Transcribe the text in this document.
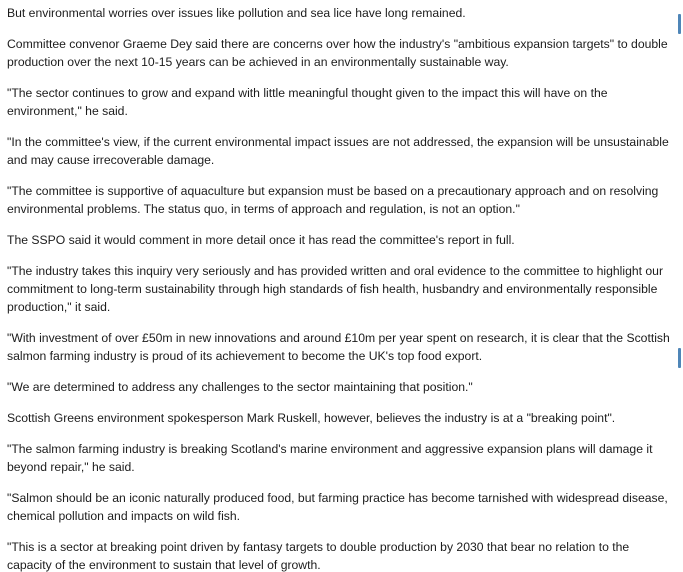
But environmental worries over issues like pollution and sea lice have long remained.

Committee convenor Graeme Dey said there are concerns over how the industry's "ambitious expansion targets" to double production over the next 10-15 years can be achieved in an environmentally sustainable way.

"The sector continues to grow and expand with little meaningful thought given to the impact this will have on the environment," he said.

"In the committee's view, if the current environmental impact issues are not addressed, the expansion will be unsustainable and may cause irrecoverable damage.

"The committee is supportive of aquaculture but expansion must be based on a precautionary approach and on resolving environmental problems. The status quo, in terms of approach and regulation, is not an option."

The SSPO said it would comment in more detail once it has read the committee's report in full.

"The industry takes this inquiry very seriously and has provided written and oral evidence to the committee to highlight our commitment to long-term sustainability through high standards of fish health, husbandry and environmentally responsible production," it said.

"With investment of over £50m in new innovations and around £10m per year spent on research, it is clear that the Scottish salmon farming industry is proud of its achievement to become the UK's top food export.

"We are determined to address any challenges to the sector maintaining that position."

Scottish Greens environment spokesperson Mark Ruskell, however, believes the industry is at a "breaking point".

"The salmon farming industry is breaking Scotland's marine environment and aggressive expansion plans will damage it beyond repair," he said.

"Salmon should be an iconic naturally produced food, but farming practice has become tarnished with widespread disease, chemical pollution and impacts on wild fish.

"This is a sector at breaking point driven by fantasy targets to double production by 2030 that bear no relation to the capacity of the environment to sustain that level of growth.
